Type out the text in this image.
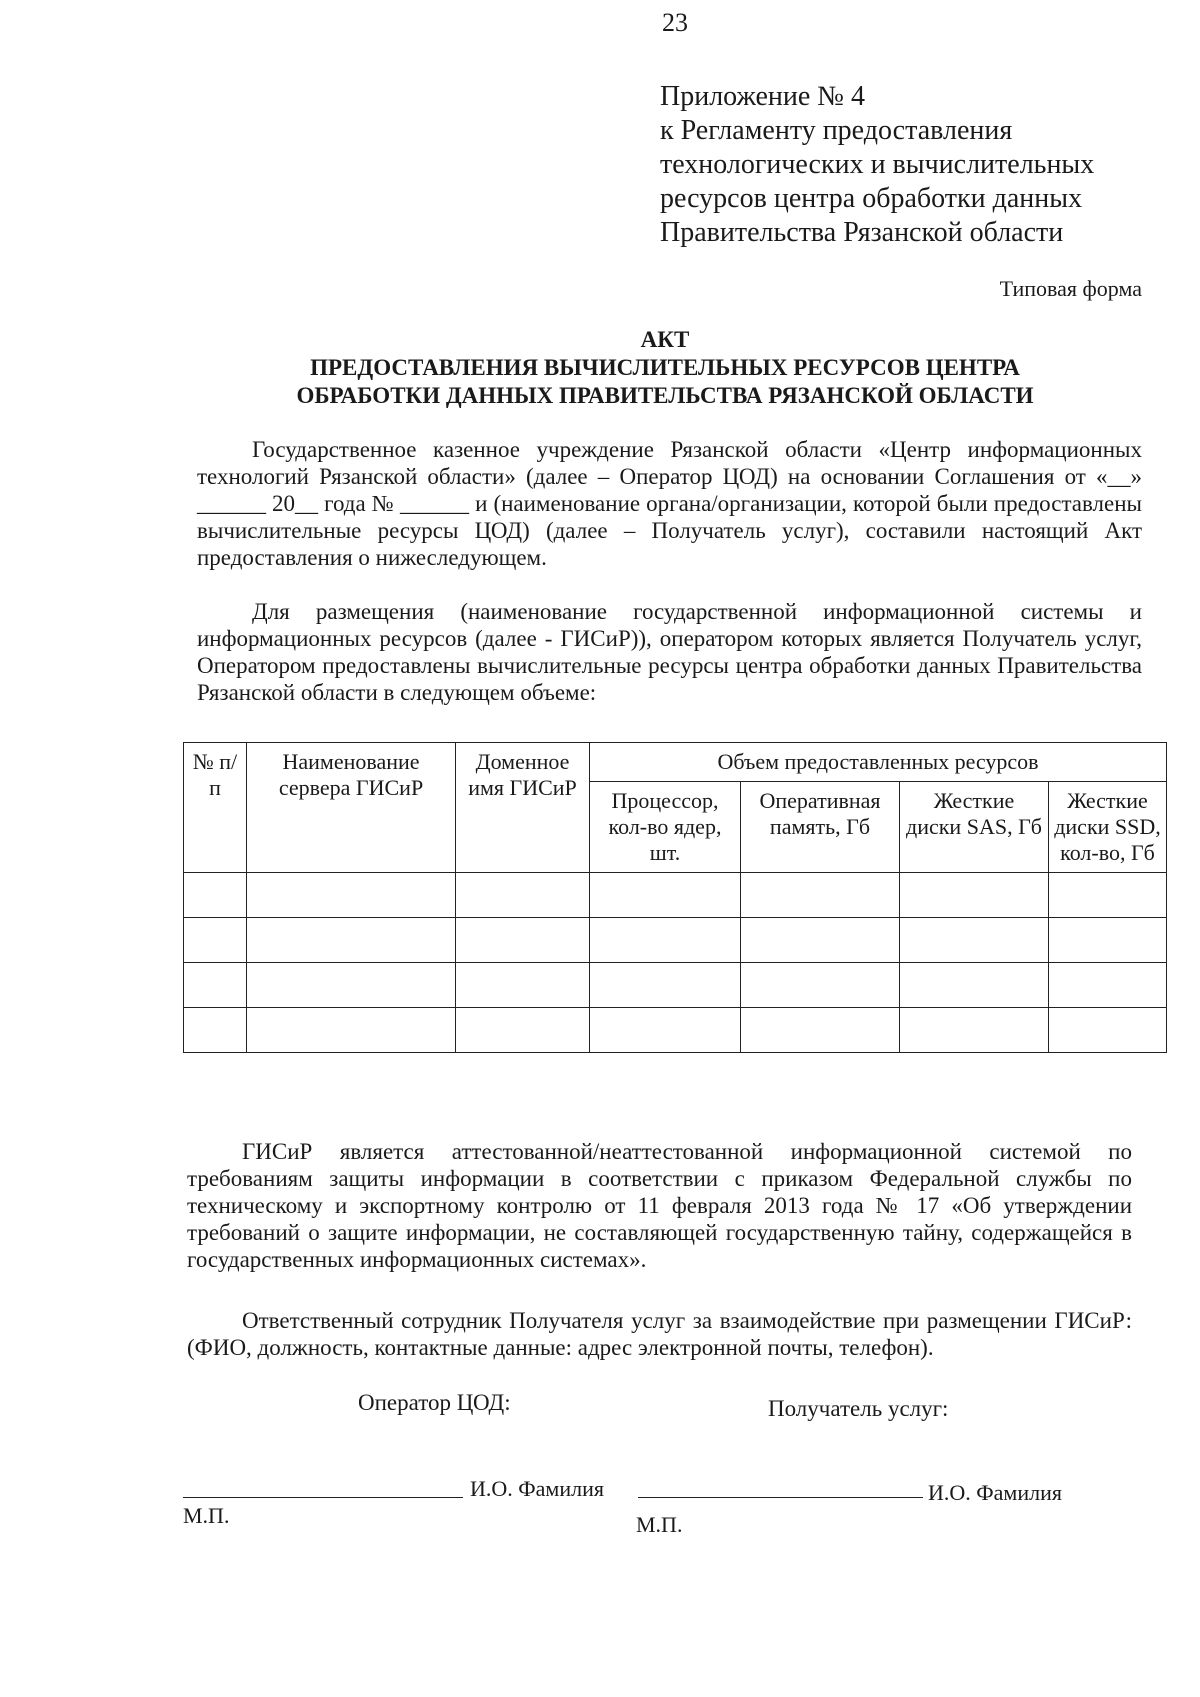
23
Приложение № 4
к Регламенту предоставления
технологических и вычислительных
ресурсов центра обработки данных
Правительства Рязанской области
Типовая форма
АКТ
ПРЕДОСТАВЛЕНИЯ ВЫЧИСЛИТЕЛЬНЫХ РЕСУРСОВ ЦЕНТРА
ОБРАБОТКИ ДАННЫХ ПРАВИТЕЛЬСТВА РЯЗАНСКОЙ ОБЛАСТИ
Государственное казенное учреждение Рязанской области «Центр информационных технологий Рязанской области» (далее – Оператор ЦОД) на основании Соглашения от «__» ______ 20__ года № ______ и (наименование органа/организации, которой были предоставлены вычислительные ресурсы ЦОД) (далее – Получатель услуг), составили настоящий Акт предоставления о нижеследующем.
Для размещения (наименование государственной информационной системы и информационных ресурсов (далее - ГИСиР)), оператором которых является Получатель услуг, Оператором предоставлены вычислительные ресурсы центра обработки данных Правительства Рязанской области в следующем объеме:
№ п/п	Наименование сервера ГИСиР	Доменное имя ГИСиР	Объем предоставленных ресурсов			
			Процессор, кол-во ядер, шт.	Оперативная память, Гб	Жесткие диски SAS, Гб	Жесткие диски SSD, кол-во, Гб

ГИСиР является аттестованной/неаттестованной информационной системой по требованиям защиты информации в соответствии с приказом Федеральной службы по техническому и экспортному контролю от 11 февраля 2013 года № 17 «Об утверждении требований о защите информации, не составляющей государственную тайну, содержащейся в государственных информационных системах».
Ответственный сотрудник Получателя услуг за взаимодействие при размещении ГИСиР: (ФИО, должность, контактные данные: адрес электронной почты, телефон).
Оператор ЦОД:	Получатель услуг:
И.О. Фамилия	И.О. Фамилия
М.П.	М.П.
